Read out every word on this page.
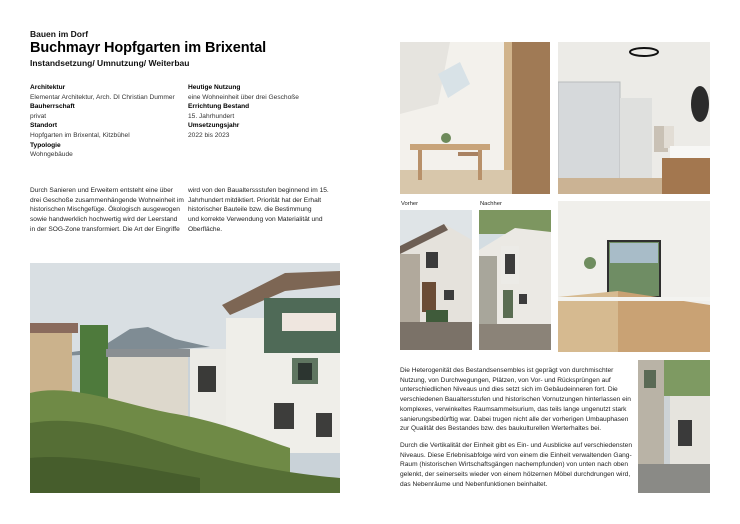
Bauen im Dorf
Buchmayr Hopfgarten im Brixental
Instandsetzung/ Umnutzung/ Weiterbau
Architektur
Elementar Architektur, Arch. DI Christian Dummer
Bauherrschaft
privat
Standort
Hopfgarten im Brixental, Kitzbühel
Typologie
Wohngebäude
Heutige Nutzung
eine Wohneinheit über drei Geschoße
Errichtung Bestand
15. Jahrhundert
Umsetzungsjahr
2022 bis 2023
Durch Sanieren und Erweitern entsteht eine über
drei Geschoße zusammenhängende Wohneinheit im
historischen Mischgefüge. Ökologisch ausgewogen
sowie handwerklich hochwertig wird der Leerstand
in der SOG-Zone transformiert. Die Art der Eingriffe
wird von den Baualterssstufen beginnend im 15.
Jahrhundert mitdiktiert. Priorität hat der Erhalt
historischer Bauteile bzw. die Bestimmung
und korrekte Verwendung von Materialität und
Oberfläche.
Vorher	Nachher
Die Heterogenität des Bestandsensembles ist geprägt von durchmischter
Nutzung, von Durchwegungen, Plätzen, von Vor- und Rücksprüngen auf
unterschiedlichen Niveaus und dies setzt sich im Gebäudeinneren fort. Die
verschiedenen Baualtersstufen und historischen Vornutzungen hinterlassen ein
komplexes, verwinkeltes Raumsammelsurium, das teils lange ungenutzt stark
sanierungsbedürftig war. Dabei trugen nicht alle der vorherigen Umbauphasen
zur Qualität des Bestandes bzw. des baukulturellen Werterhaltes bei.
Durch die Vertikalität der Einheit gibt es Ein- und Ausblicke auf verschiedensten
Niveaus. Diese Erlebnisabfolge wird von einem die Einheit verwaltenden Gang-
Raum (historischen Wirtschaftsgängen nachempfunden) von unten nach oben
gelenkt, der seinerseits wieder von einem hölzernen Möbel durchdrungen wird,
das Nebenräume und Nebenfunktionen beinhaltet.
